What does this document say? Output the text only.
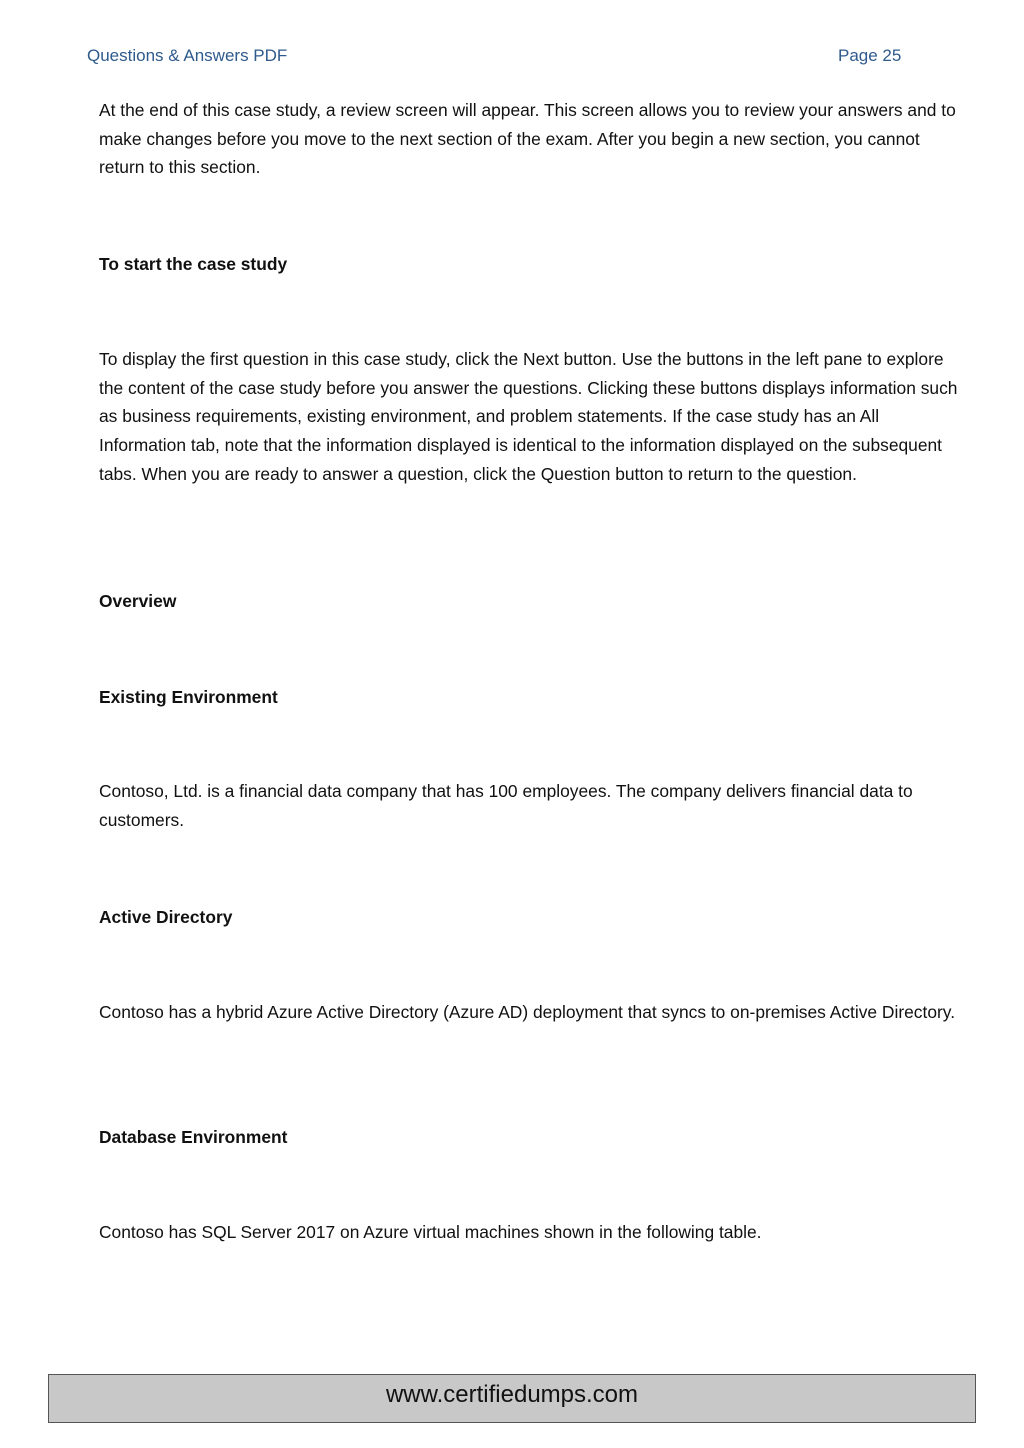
Questions & Answers PDF	Page 25

At the end of this case study, a review screen will appear. This screen allows you to review your answers and to make changes before you move to the next section of the exam. After you begin a new section, you cannot return to this section.

To start the case study

To display the first question in this case study, click the Next button. Use the buttons in the left pane to explore the content of the case study before you answer the questions. Clicking these buttons displays information such as business requirements, existing environment, and problem statements. If the case study has an All Information tab, note that the information displayed is identical to the information displayed on the subsequent tabs. When you are ready to answer a question, click the Question button to return to the question.

Overview

Existing Environment

Contoso, Ltd. is a financial data company that has 100 employees. The company delivers financial data to customers.

Active Directory

Contoso has a hybrid Azure Active Directory (Azure AD) deployment that syncs to on-premises Active Directory.

Database Environment

Contoso has SQL Server 2017 on Azure virtual machines shown in the following table.

www.certifiedumps.com
